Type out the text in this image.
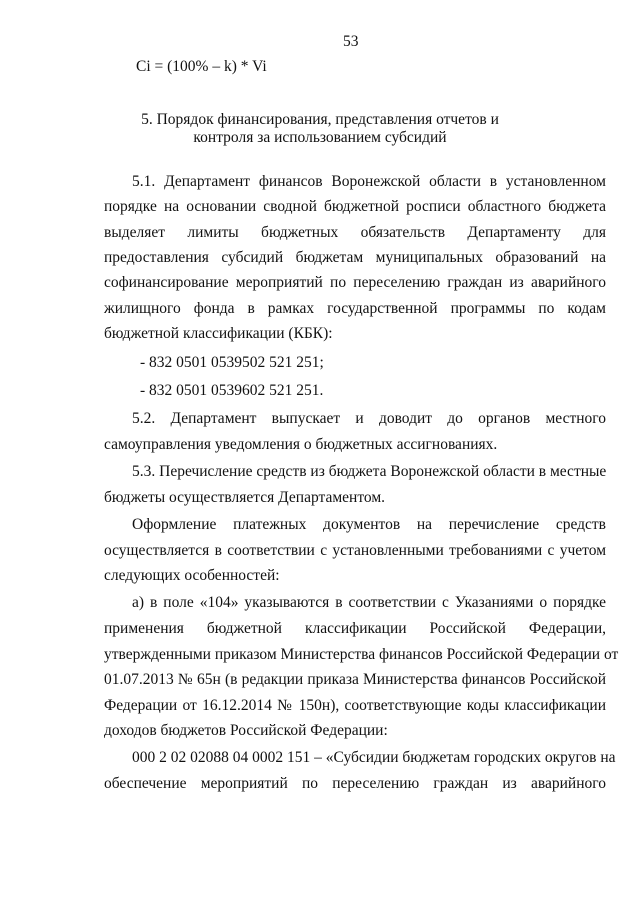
53
Ci = (100% – k) * Vi
5. Порядок финансирования, представления отчетов и
контроля за использованием субсидий
5.1. Департамент финансов Воронежской области в установленном
порядке на основании сводной бюджетной росписи областного бюджета
выделяет лимиты бюджетных обязательств Департаменту для
предоставления субсидий бюджетам муниципальных образований на
софинансирование мероприятий по переселению граждан из аварийного
жилищного фонда в рамках государственной программы по кодам
бюджетной классификации (КБК):
- 832 0501 0539502 521 251;
- 832 0501 0539602 521 251.
5.2. Департамент выпускает и доводит до органов местного
самоуправления уведомления о бюджетных ассигнованиях.
5.3. Перечисление средств из бюджета Воронежской области в местные
бюджеты осуществляется Департаментом.
Оформление платежных документов на перечисление средств
осуществляется в соответствии с установленными требованиями с учетом
следующих особенностей:
а) в поле «104» указываются в соответствии с Указаниями о порядке
применения бюджетной классификации Российской Федерации,
утвержденными приказом Министерства финансов Российской Федерации от
01.07.2013 № 65н (в редакции приказа Министерства финансов Российской
Федерации от 16.12.2014 № 150н), соответствующие коды классификации
доходов бюджетов Российской Федерации:
000 2 02 02088 04 0002 151 – «Субсидии бюджетам городских округов на
обеспечение мероприятий по переселению граждан из аварийного
